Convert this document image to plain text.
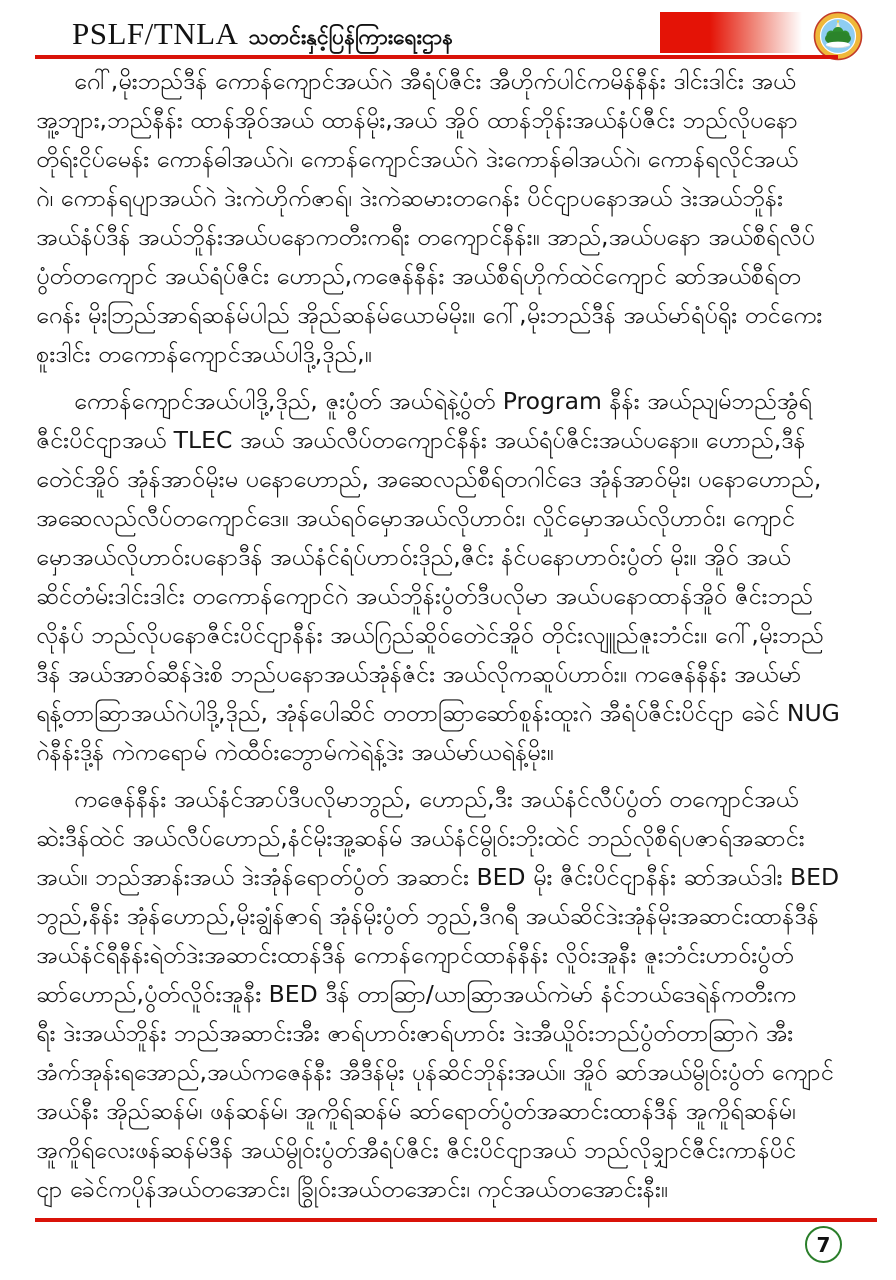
PSLF/TNLA သတင်းနှင့်ပြန်ကြားရေးဌာန
ဂေါ်,မိုးဘည်ဒီန် ကောန်ကျောင်အယ်ဂဲ အီရံပ်ဇီင်း အီဟိုက်ပါင်ကမိန်နီန်း ဒါင်းဒါင်း အယ်
အူ့ဘျား,ဘည်နီန်း ထာန်အိုဝ်အယ် ထာန်မိုး,အယ် အိူဝ် ထာန်ဘိုန်းအယ်နံပ်ဇီင်း ဘည်လိုပနော
တိုရ်းငိုပ်မေန်း ကောန်ဓါအယ်ဂဲ၊ ကောန်ကျောင်အယ်ဂဲ ဒဲးကောန်ဓါအယ်ဂဲ၊ ကောန်ရလိုင်အယ်
ဂဲ၊ ကောန်ရပျာအယ်ဂဲ ဒဲးကဲဟိုက်ဇာရ်၊ ဒဲးကဲဆမားတဂေန်း ပိင်ငျာပနောအယ် ဒဲးအယ်ဘိူန်း
အယ်နံပ်ဒီန် အယ်ဘိူန်းအယ်ပနောကတီးကရီး တကျောင်နီန်း။ အာည်,အယ်ပနော အယ်စီရ်လီပ်
ပွံတ်တကျောင် အယ်ရံပ်ဇီင်း ဟောည်,ကဇေန်နီန်း အယ်စီရ်ဟိုက်ထဲင်ကျောင် ဆာ်အယ်စီရ်တ
ဂေန်း မိုးဘြည်အာရ်ဆန်မ်ပါည် အိုည်ဆန်မ်ယောမ်မိုး။ ဂေါ်,မိုးဘည်ဒီန် အယ်မာ်ရံပ်ရိုး တင်ကေး
စူးဒါင်း တကောန်ကျောင်အယ်ပါဒို့,ဒိုည်,။
ကောန်ကျောင်အယ်ပါဒို့,ဒိုည်, ဇူးပွံတ် အယ်ရဲနဲ့ပွံတ် Program နီန်း အယ်ညျမ်ဘည်အွံရ်
ဇီင်းပိင်ငျာအယ် TLEC အယ် အယ်လီပ်တကျောင်နီန်း အယ်ရံပ်ဇီင်းအယ်ပနော။ ဟောည်,ဒီန်
တေဲင်အိူဝ် အုံန်အာဝ်မိုးမ ပနောဟောည်, အဆေလည်စီရ်တဂါင်ဒေ အုံန်အာဝ်မိုး၊ ပနောဟောည်,
အဆေလည်လီပ်တကျောင်ဒေ။ အယ်ရဝ်မှောအယ်လိုဟာဝ်း၊ လှိုင်မှောအယ်လိုဟာဝ်း၊ ကျောင်
မှောအယ်လိုဟာဝ်းပနောဒီန် အယ်နံင်ရံပ်ဟာဝ်းဒိုည်,ဇီင်း နံင်ပနောဟာဝ်းပွံတ် မိုး။ အိူဝ် အယ်
ဆိင်တံမ်းဒါင်းဒါင်း တကောန်ကျောင်ဂဲ အယ်ဘိူန်းပွံတ်ဒီပလိုမာ အယ်ပနောထာန်အိူဝ် ဇီင်းဘည်
လိုနံပ် ဘည်လိုပနောဇီင်းပိင်ငျာနီန်း အယ်ဂြည်ဆိူဝ်တေဲင်အိူဝ် တိုင်းလျူည်ဇူးဘံင်း။ ဂေါ်,မိုးဘည်
ဒီန် အယ်အာဝ်ဆီန်ဒဲးစိ ဘည်ပနောအယ်အုံန်ဇံင်း အယ်လိုကဆူပ်ဟာဝ်း။ ကဇေန်နီန်း အယ်မာ်
ရန့်တာဆြာအယ်ဂဲပါဒို့,ဒိုည်, အုံန်ပေါဆိင် တတာဆြာဆော်စူန်းထူးဂဲ အီရံပ်ဇီင်းပိင်ငျာ ခေဲင် NUG
ဂဲနီန်းဒို့န် ကဲကရောမ် ကဲထီဝ်းဘွောမ်ကဲရဲန့်ဒဲး အယ်မာ်ယရဲန့်မိုး။
ကဇေန်နီန်း အယ်နံင်အာပ်ဒီပလိုမာဘွည်, ဟောည်,ဒီး အယ်နံင်လီပ်ပွံတ် တကျောင်အယ်
ဆဲးဒီန်ထဲင် အယ်လီပ်ဟောည်,နံင်မိုးအူ့ဆန်မ် အယ်နံင်မွိုဝ်းဘိုးထဲင် ဘည်လိုစီရ်ပဇာရ်အဆာင်း
အယ်။ ဘည်အာန်းအယ် ဒဲးအုံန်ရောတ်ပွံတ် အဆာင်း BED မိုး ဇီင်းပိင်ငျာနီန်း ဆာ်အယ်ဒါး BED
ဘွည်,နီန်း အုံန်ဟောည်,မိုးချွံန်ဇာရ် အုံန်မိုးပွံတ် ဘွည်,ဒီဂရီ အယ်ဆိင်ဒဲးအုံန်မိုးအဆာင်းထာန်ဒီန်
အယ်နံင်ရီနီန်းရဲတ်ဒဲးအဆာင်းထာန်ဒီန် ကောန်ကျောင်ထာန်နီန်း လိူဝ်းအူနီး ဇူးဘံင်းဟာဝ်းပွံတ်
ဆာ်ဟောည်,ပွံတ်လိူဝ်းအူနီး BED ဒီန် တာဆြာ/ယာဆြာအယ်ကဲမာ် နံင်ဘယ်ဒေရဲန်ကတီးက
ရီး ဒဲးအယ်ဘိူန်း ဘည်အဆာင်းအီး ဇာရ်ဟာဝ်းဇာရ်ဟာဝ်း ဒဲးအီယိူဝ်းဘည်ပွံတ်တာဆြာဂဲ အီး
အံက်အုန်းရအောည်,အယ်ကဇေန်နီး အီဒီန်မိုး ပုန်ဆိင်ဘိုန်းအယ်။ အိူဝ် ဆာ်အယ်မွိုဝ်းပွံတ် ကျောင်
အယ်နီး အိုည်ဆန်မ်၊ ဖန်ဆန်မ်၊ အူကိူရ်ဆန်မ် ဆာ်ရောတ်ပွံတ်အဆာင်းထာန်ဒီန် အူကိူရ်ဆန်မ်၊
အူကိူရ်လေးဖန်ဆန်မ်ဒီန် အယ်မွိုဝ်းပွံတ်အီရံပ်ဇီင်း ဇီင်းပိင်ငျာအယ် ဘည်လိုချှာင်ဇီင်းကာန်ပိင်
ငျာ ခေဲင်ကပိုန်အယ်တအောင်း၊ ခြွိုဝ်းအယ်တအောင်း၊ ကုင်အယ်တအောင်းနီး။
7
